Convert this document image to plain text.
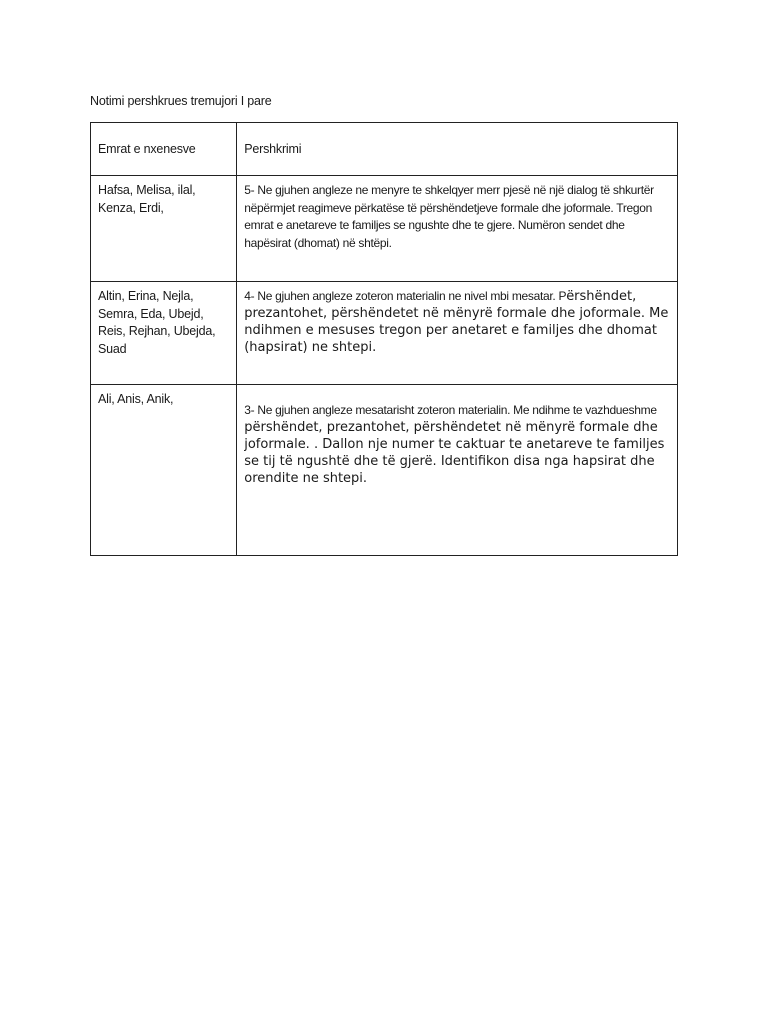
Notimi pershkrues tremujori I pare
Emrat e nxenesve	Pershkrimi

Hafsa, Melisa, ilal, Kenza, Erdi,	5- Ne gjuhen angleze ne menyre te shkelqyer merr pjesë në një dialog të shkurtër nëpërmjet reagimeve përkatëse të përshëndetjeve formale dhe joformale. Tregon emrat e anetareve te familjes se ngushte dhe te gjere. Numëron sendet dhe hapësirat (dhomat) në shtëpi.

Altin, Erina, Nejla, Semra, Eda, Ubejd, Reis, Rejhan, Ubejda, Suad	4- Ne gjuhen angleze zoteron materialin ne nivel mbi mesatar. Përshëndet, prezantohet, përshëndetet në mënyrë formale dhe joformale. Me ndihmen e mesuses tregon per anetaret e familjes dhe dhomat (hapsirat) ne shtepi.

Ali, Anis, Anik,	3- Ne gjuhen angleze mesatarisht zoteron materialin. Me ndihme te vazhdueshme përshëndet, prezantohet, përshëndetet në mënyrë formale dhe joformale. . Dallon nje numer te caktuar te anetareve te familjes se tij të ngushtë dhe të gjerë. Identifikon disa nga hapsirat dhe orendite ne shtepi.
